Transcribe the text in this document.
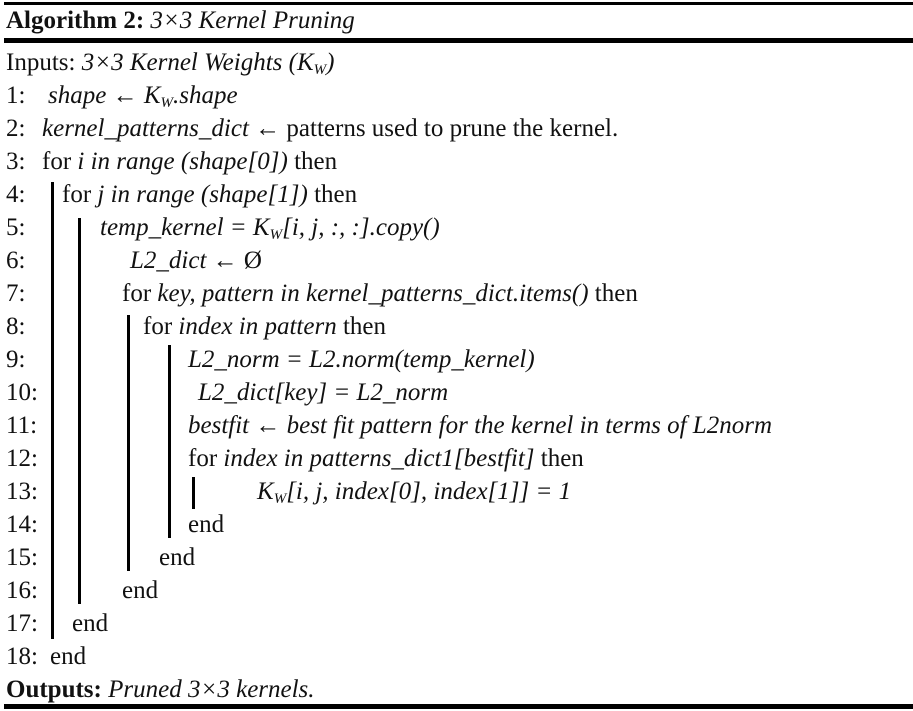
Algorithm 2: 3×3 Kernel Pruning
Inputs: 3×3 Kernel Weights $(K_W)$
1:
2:
3:
4:
5:
6:
7:
8:
9:
10:
11:
12:
13:
14:
15:
16:
17:
18:
shape ← $K_W.shape$
kernel_patterns_dict ← patterns used to prune the kernel.
for i in range (shape[0]) then
for j in range (shape[1]) then
temp_kernel = $K_W[i$, j, :, :].copy()
L2_dict ← Ø
for key, pattern in kernel_patterns_dict.items() then
for index in pattern then
L2_norm = L2.norm(temp_kernel)
L2_dict[key] = L2_norm
bestfit ← best fit pattern for the kernel in terms of L2norm
for index in patterns_dict1[bestfit] then
$K_W[i$, j, index[0], index[1]] = 1
end
end
end
end
end
Outputs: Pruned 3×3 kernels.
